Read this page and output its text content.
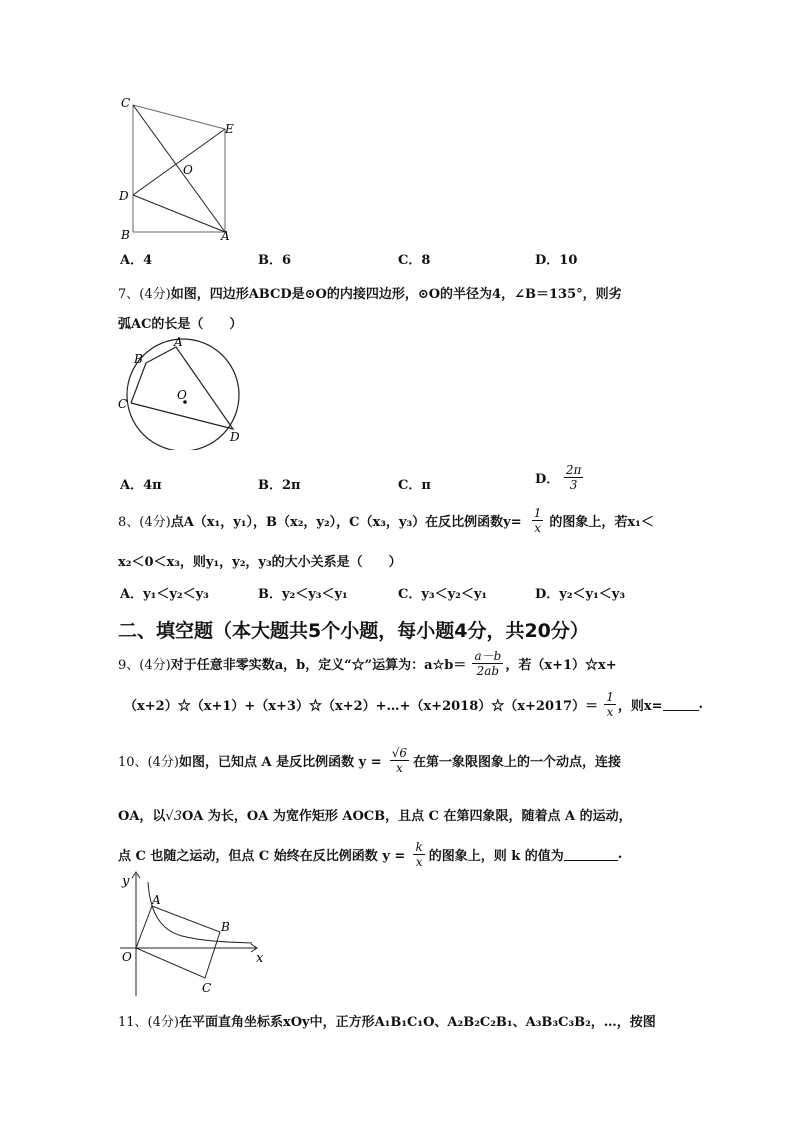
C
E
O
D
B	A
A．4	B．6	C．8	D．10
7、(4分)如图，四边形ABCD是⊙O的内接四边形，⊙O的半径为4，∠B＝135°，则劣
弧AC的长是（　　）
A
B
C
O
D
A．4π	B．2π	C．π	D． $\frac{2\pi}{3}$
8、(4分)点A（x₁，y₁），B（x₂，y₂），C（x₃，y₃）在反比例函数$y= \frac{1}{x}$ 的图象上，若x₁＜
x₂＜0＜x₃，则y₁，y₂，y₃的大小关系是（　　）
A．y₁＜y₂＜y₃	B．y₂＜y₃＜y₁	C．y₃＜y₂＜y₁	D．y₂＜y₁＜y₃
二、填空题（本大题共5个小题，每小题4分，共20分）
9、(4分)对于任意非零实数a，b，定义“☆”运算为：a☆b＝ $\frac{a-b}{2ab}$ ，若（x+1）☆x+
（x+2）☆（x+1）+（x+3）☆（x+2）+…+（x+2018）☆（x+2017）＝ $\frac{1}{x}$ ，则x=	.
10、(4分)如图，已知点 A 是反比例函数 $y = \frac{√6}{x}$ 在第一象限图象上的一个动点，连接
OA，以√3OA 为长，OA 为宽作矩形 AOCB，且点 C 在第四象限，随着点 A 的运动，
点 C 也随之运动，但点 C 始终在反比例函数 $y = \frac{k}{x}$ 的图象上，则 k 的值为	.
y
A
B
O	x
C
11、(4分)在平面直角坐标系xOy中，正方形A₁B₁C₁O、A₂B₂C₂B₁、A₃B₃C₃B₂，…，按图
